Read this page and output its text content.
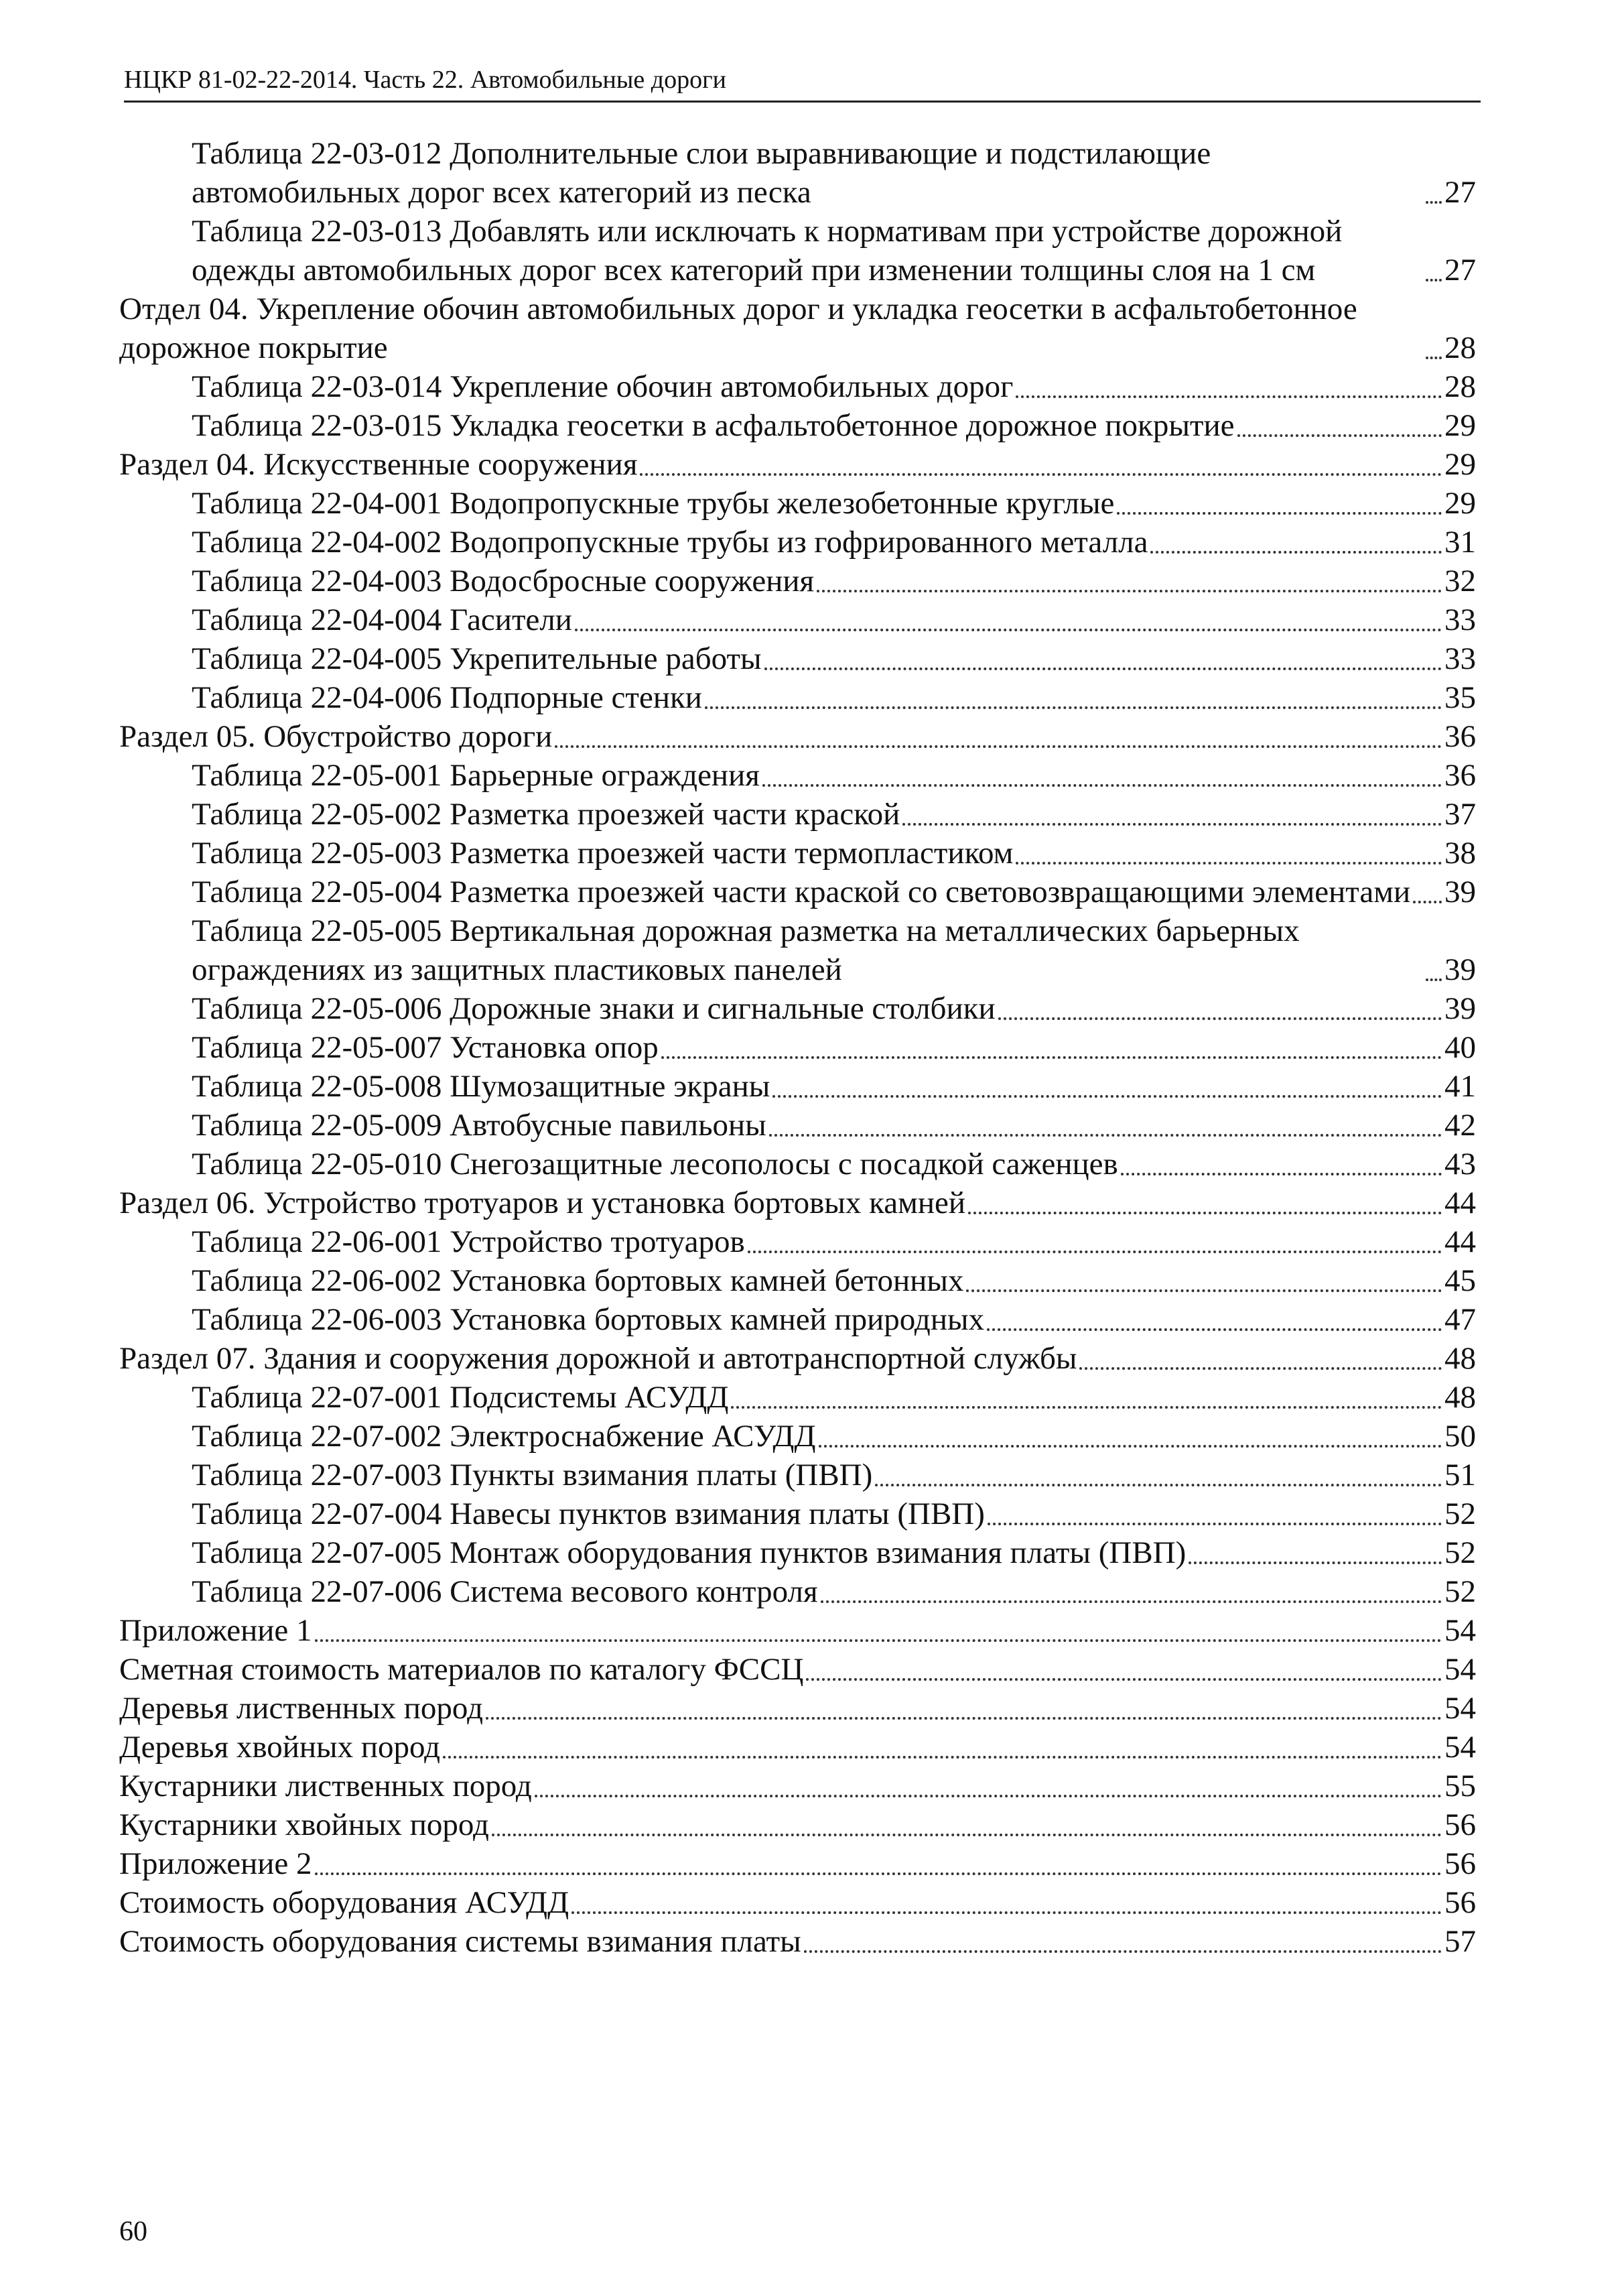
НЦКР 81-02-22-2014. Часть 22. Автомобильные дороги
Таблица 22-03-012 Дополнительные слои выравнивающие и подстилающие автомобильных дорог всех категорий из песка	27
Таблица 22-03-013 Добавлять или исключать к нормативам при устройстве дорожной одежды автомобильных дорог всех категорий при изменении толщины слоя на 1 см	27
Отдел 04. Укрепление обочин автомобильных дорог и укладка геосетки в асфальтобетонное дорожное покрытие	28
Таблица 22-03-014 Укрепление обочин автомобильных дорог	28
Таблица 22-03-015 Укладка геосетки в асфальтобетонное дорожное покрытие	29
Раздел 04. Искусственные сооружения	29
Таблица 22-04-001 Водопропускные трубы железобетонные круглые	29
Таблица 22-04-002 Водопропускные трубы из гофрированного металла	31
Таблица 22-04-003 Водосбросные сооружения	32
Таблица 22-04-004 Гасители	33
Таблица 22-04-005 Укрепительные работы	33
Таблица 22-04-006 Подпорные стенки	35
Раздел 05. Обустройство дороги	36
Таблица 22-05-001 Барьерные ограждения	36
Таблица 22-05-002 Разметка проезжей части краской	37
Таблица 22-05-003 Разметка проезжей части термопластиком	38
Таблица 22-05-004 Разметка проезжей части краской со световозвращающими элементами 39
Таблица 22-05-005 Вертикальная дорожная разметка на металлических барьерных ограждениях из защитных пластиковых панелей	39
Таблица 22-05-006 Дорожные знаки и сигнальные столбики	39
Таблица 22-05-007 Установка опор	40
Таблица 22-05-008 Шумозащитные экраны	41
Таблица 22-05-009 Автобусные павильоны	42
Таблица 22-05-010 Снегозащитные лесополосы с посадкой саженцев	43
Раздел 06. Устройство тротуаров и установка бортовых камней	44
Таблица 22-06-001 Устройство тротуаров	44
Таблица 22-06-002 Установка бортовых камней бетонных	45
Таблица 22-06-003 Установка бортовых камней природных	47
Раздел 07. Здания и сооружения дорожной и автотранспортной службы	48
Таблица 22-07-001 Подсистемы АСУДД	48
Таблица 22-07-002 Электроснабжение АСУДД	50
Таблица 22-07-003 Пункты взимания платы (ПВП)	51
Таблица 22-07-004 Навесы пунктов взимания платы (ПВП)	52
Таблица 22-07-005 Монтаж оборудования пунктов взимания платы (ПВП)	52
Таблица 22-07-006 Система весового контроля	52
Приложение 1	54
Сметная стоимость материалов по каталогу ФССЦ	54
Деревья лиственных пород	54
Деревья хвойных пород	54
Кустарники лиственных пород	55
Кустарники хвойных пород	56
Приложение 2	56
Стоимость оборудования АСУДД	56
Стоимость оборудования системы взимания платы	57
60
